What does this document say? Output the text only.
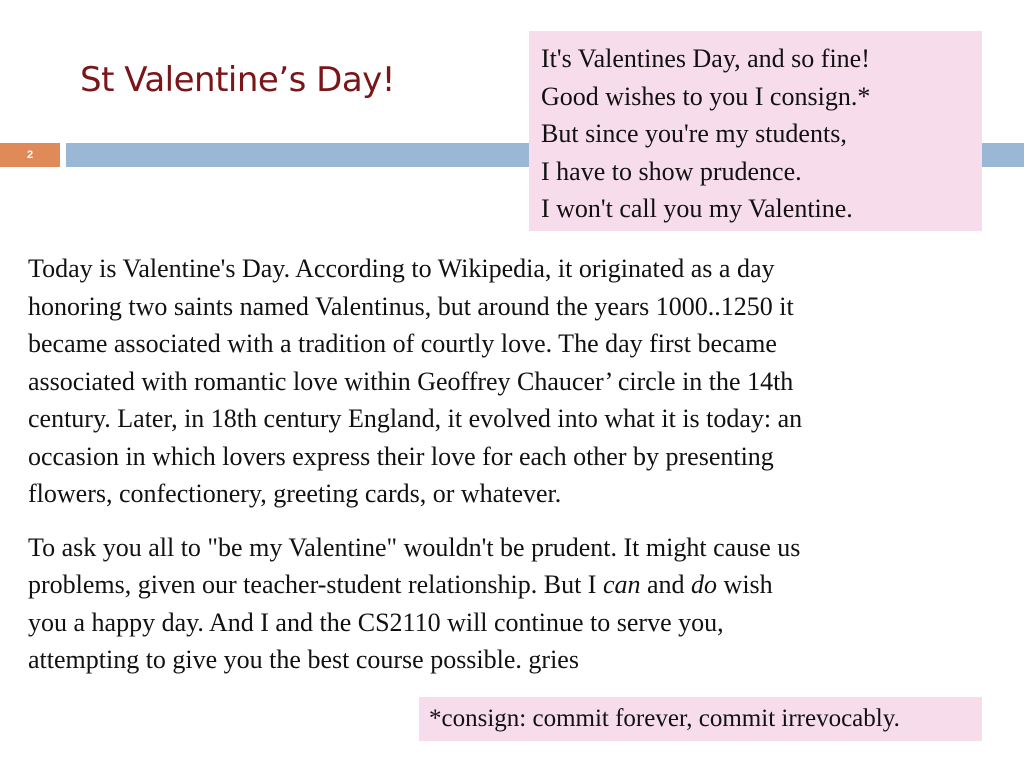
St Valentine’s Day!
2
It's Valentines Day, and so fine!
Good wishes to you I consign.*
But since you're my students,
I have to show prudence.
I won't call you my Valentine.

Today is Valentine's Day. According to Wikipedia, it originated as a day
honoring two saints named Valentinus, but around the years 1000..1250 it
became associated with a tradition of courtly love. The day first became
associated with romantic love within Geoffrey Chaucer’ circle in the 14th
century. Later, in 18th century England, it evolved into what it is today: an
occasion in which lovers express their love for each other by presenting
flowers, confectionery, greeting cards, or whatever.

To ask you all to "be my Valentine" wouldn't be prudent. It might cause us
problems, given our teacher-student relationship. But I can and do wish
you a happy day. And I and the CS2110 will continue to serve you,
attempting to give you the best course possible. gries

*consign: commit forever, commit irrevocably.
